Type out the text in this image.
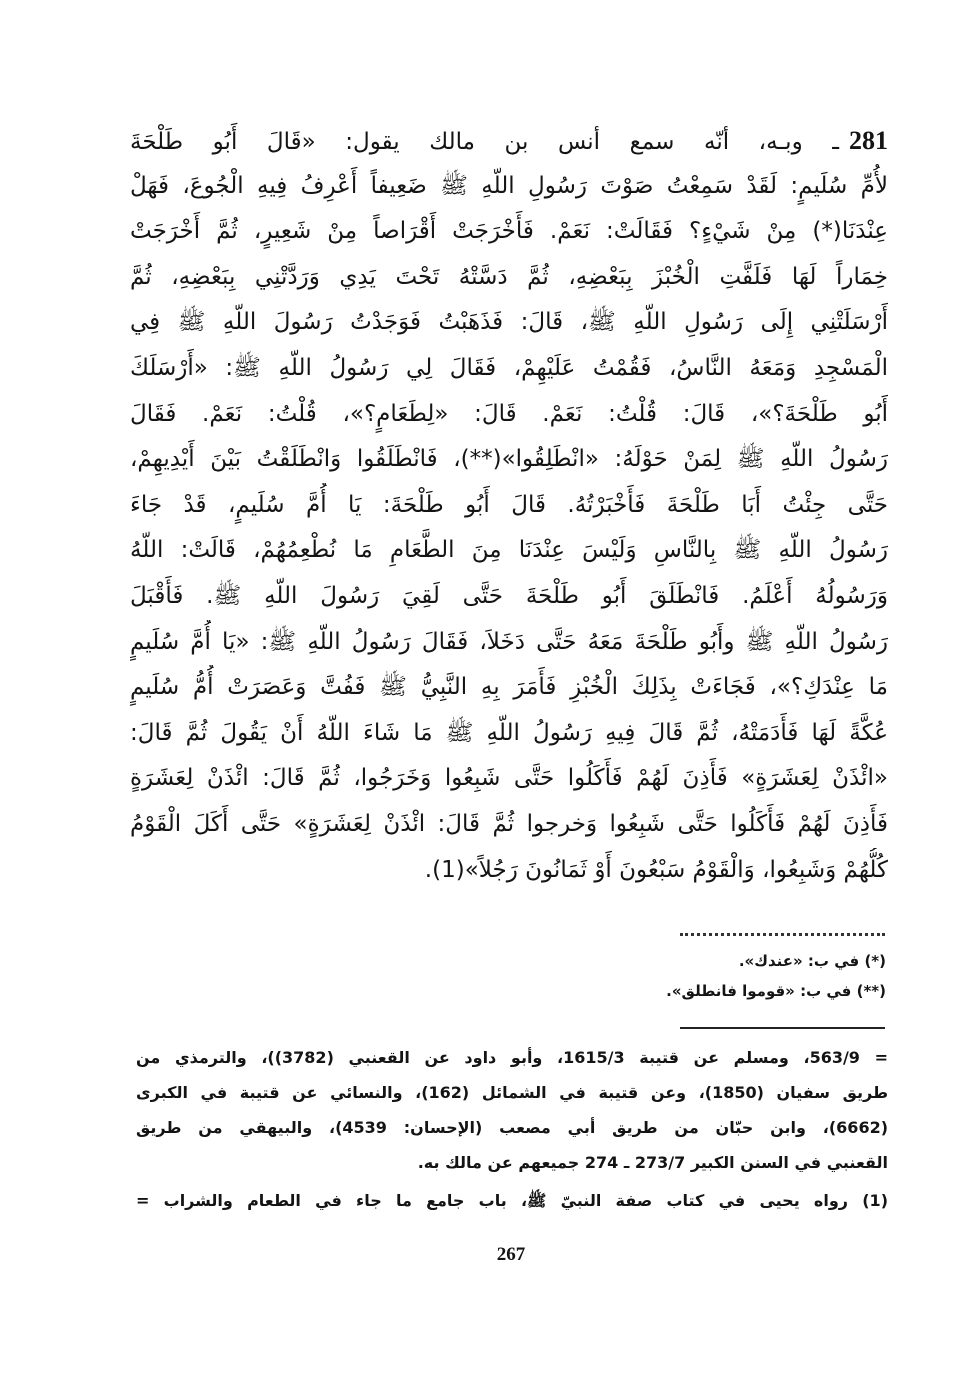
281ـ وبـه، أنّه سمع أنس بن مالك يقول: «قَالَ أَبُو طَلْحَةَ
لأُمِّ سُلَيمٍ: لَقَدْ سَمِعْتُ صَوْتَ رَسُولِ اللّهِ ﷺ ضَعِيفاً أَعْرِفُ فِيهِ الْجُوعَ، فَهَلْ
عِنْدَنَا(*) مِنْ شَيْءٍ؟ فَقَالَتْ: نَعَمْ. فَأَخْرَجَتْ أَقْرَاصاً مِنْ شَعِيرٍ، ثُمَّ أَخْرَجَتْ
خِمَاراً لَهَا فَلَفَّتِ الْخُبْزَ بِبَعْضِهِ، ثُمَّ دَسَّتْهُ تَحْتَ يَدِي وَرَدَّتْنِي بِبَعْضِهِ، ثُمَّ
أَرْسَلَتْنِي إِلَى رَسُولِ اللّهِ ﷺ، قَالَ: فَذَهَبْتُ فَوَجَدْتُ رَسُولَ اللّهِ ﷺ فِي
الْمَسْجِدِ وَمَعَهُ النَّاسُ، فَقُمْتُ عَلَيْهِمْ، فَقَالَ لِي رَسُولُ اللّهِ ﷺ: «أَرْسَلَكَ
أَبُو طَلْحَةَ؟»، قَالَ: قُلْتُ: نَعَمْ. قَالَ: «لِطَعَامٍ؟»، قُلْتُ: نَعَمْ. فَقَالَ
رَسُولُ اللّهِ ﷺ لِمَنْ حَوْلَهُ: «انْطَلِقُوا»(**)، فَانْطَلَقُوا وَانْطَلَقْتُ بَيْنَ أَيْدِيهِمْ،
حَتَّى جِئْتُ أَبَا طَلْحَةَ فَأَخْبَرْتُهُ. قَالَ أَبُو طَلْحَةَ: يَا أُمَّ سُلَيمٍ، قَدْ جَاءَ
رَسُولُ اللّهِ ﷺ بِالنَّاسِ وَلَيْسَ عِنْدَنَا مِنَ الطَّعَامِ مَا نُطْعِمُهُمْ، قَالَتْ: اللّهُ
وَرَسُولُهُ أَعْلَمُ. فَانْطَلَقَ أَبُو طَلْحَةَ حَتَّى لَقِيَ رَسُولَ اللّهِ ﷺ. فَأَقْبَلَ
رَسُولُ اللّهِ ﷺ وأَبُو طَلْحَةَ مَعَهُ حَتَّى دَخَلاَ، فَقَالَ رَسُولُ اللّهِ ﷺ: «يَا أُمَّ سُلَيمٍ
مَا عِنْدَكِ؟»، فَجَاءَتْ بِذَلِكَ الْخُبْزِ فَأَمَرَ بِهِ النَّبِيُّ ﷺ فَفُتَّ وَعَصَرَتْ أُمُّ سُلَيمٍ
عُكَّةً لَهَا فَأَدَمَتْهُ، ثُمَّ قَالَ فِيهِ رَسُولُ اللّهِ ﷺ مَا شَاءَ اللّهُ أَنْ يَقُولَ ثُمَّ قَالَ:
«ائْذَنْ لِعَشَرَةٍ» فَأَذِنَ لَهُمْ فَأَكَلُوا حَتَّى شَبِعُوا وَخَرَجُوا، ثُمَّ قَالَ: ائْذَنْ لِعَشَرَةٍ
فَأَذِنَ لَهُمْ فَأَكَلُوا حَتَّى شَبِعُوا وَخرجوا ثُمَّ قَالَ: ائْذَنْ لِعَشَرَةٍ» حَتَّى أَكَلَ الْقَوْمُ
كُلُّهُمْ وَشَبِعُوا، وَالْقَوْمُ سَبْعُونَ أَوْ ثَمَانُونَ رَجُلاً»(1).
(*) في ب: «عندك».
(**) في ب: «قوموا فانطلق».
= 563/9، ومسلم عن قتيبة 1615/3، وأبو داود عن القعنبي (3782))، والترمذي من
طريق سفيان (1850)، وعن قتيبة في الشمائل (162)، والنسائي عن قتيبة في الكبرى
(6662)، وابن حبّان من طريق أبي مصعب (الإحسان: 4539)، والبيهقي من طريق
القعنبي في السنن الكبير 273/7 ـ 274 جميعهم عن مالك به.
(1) رواه يحيى في كتاب صفة النبيّ ﷺ، باب جامع ما جاء في الطعام والشراب =
267
